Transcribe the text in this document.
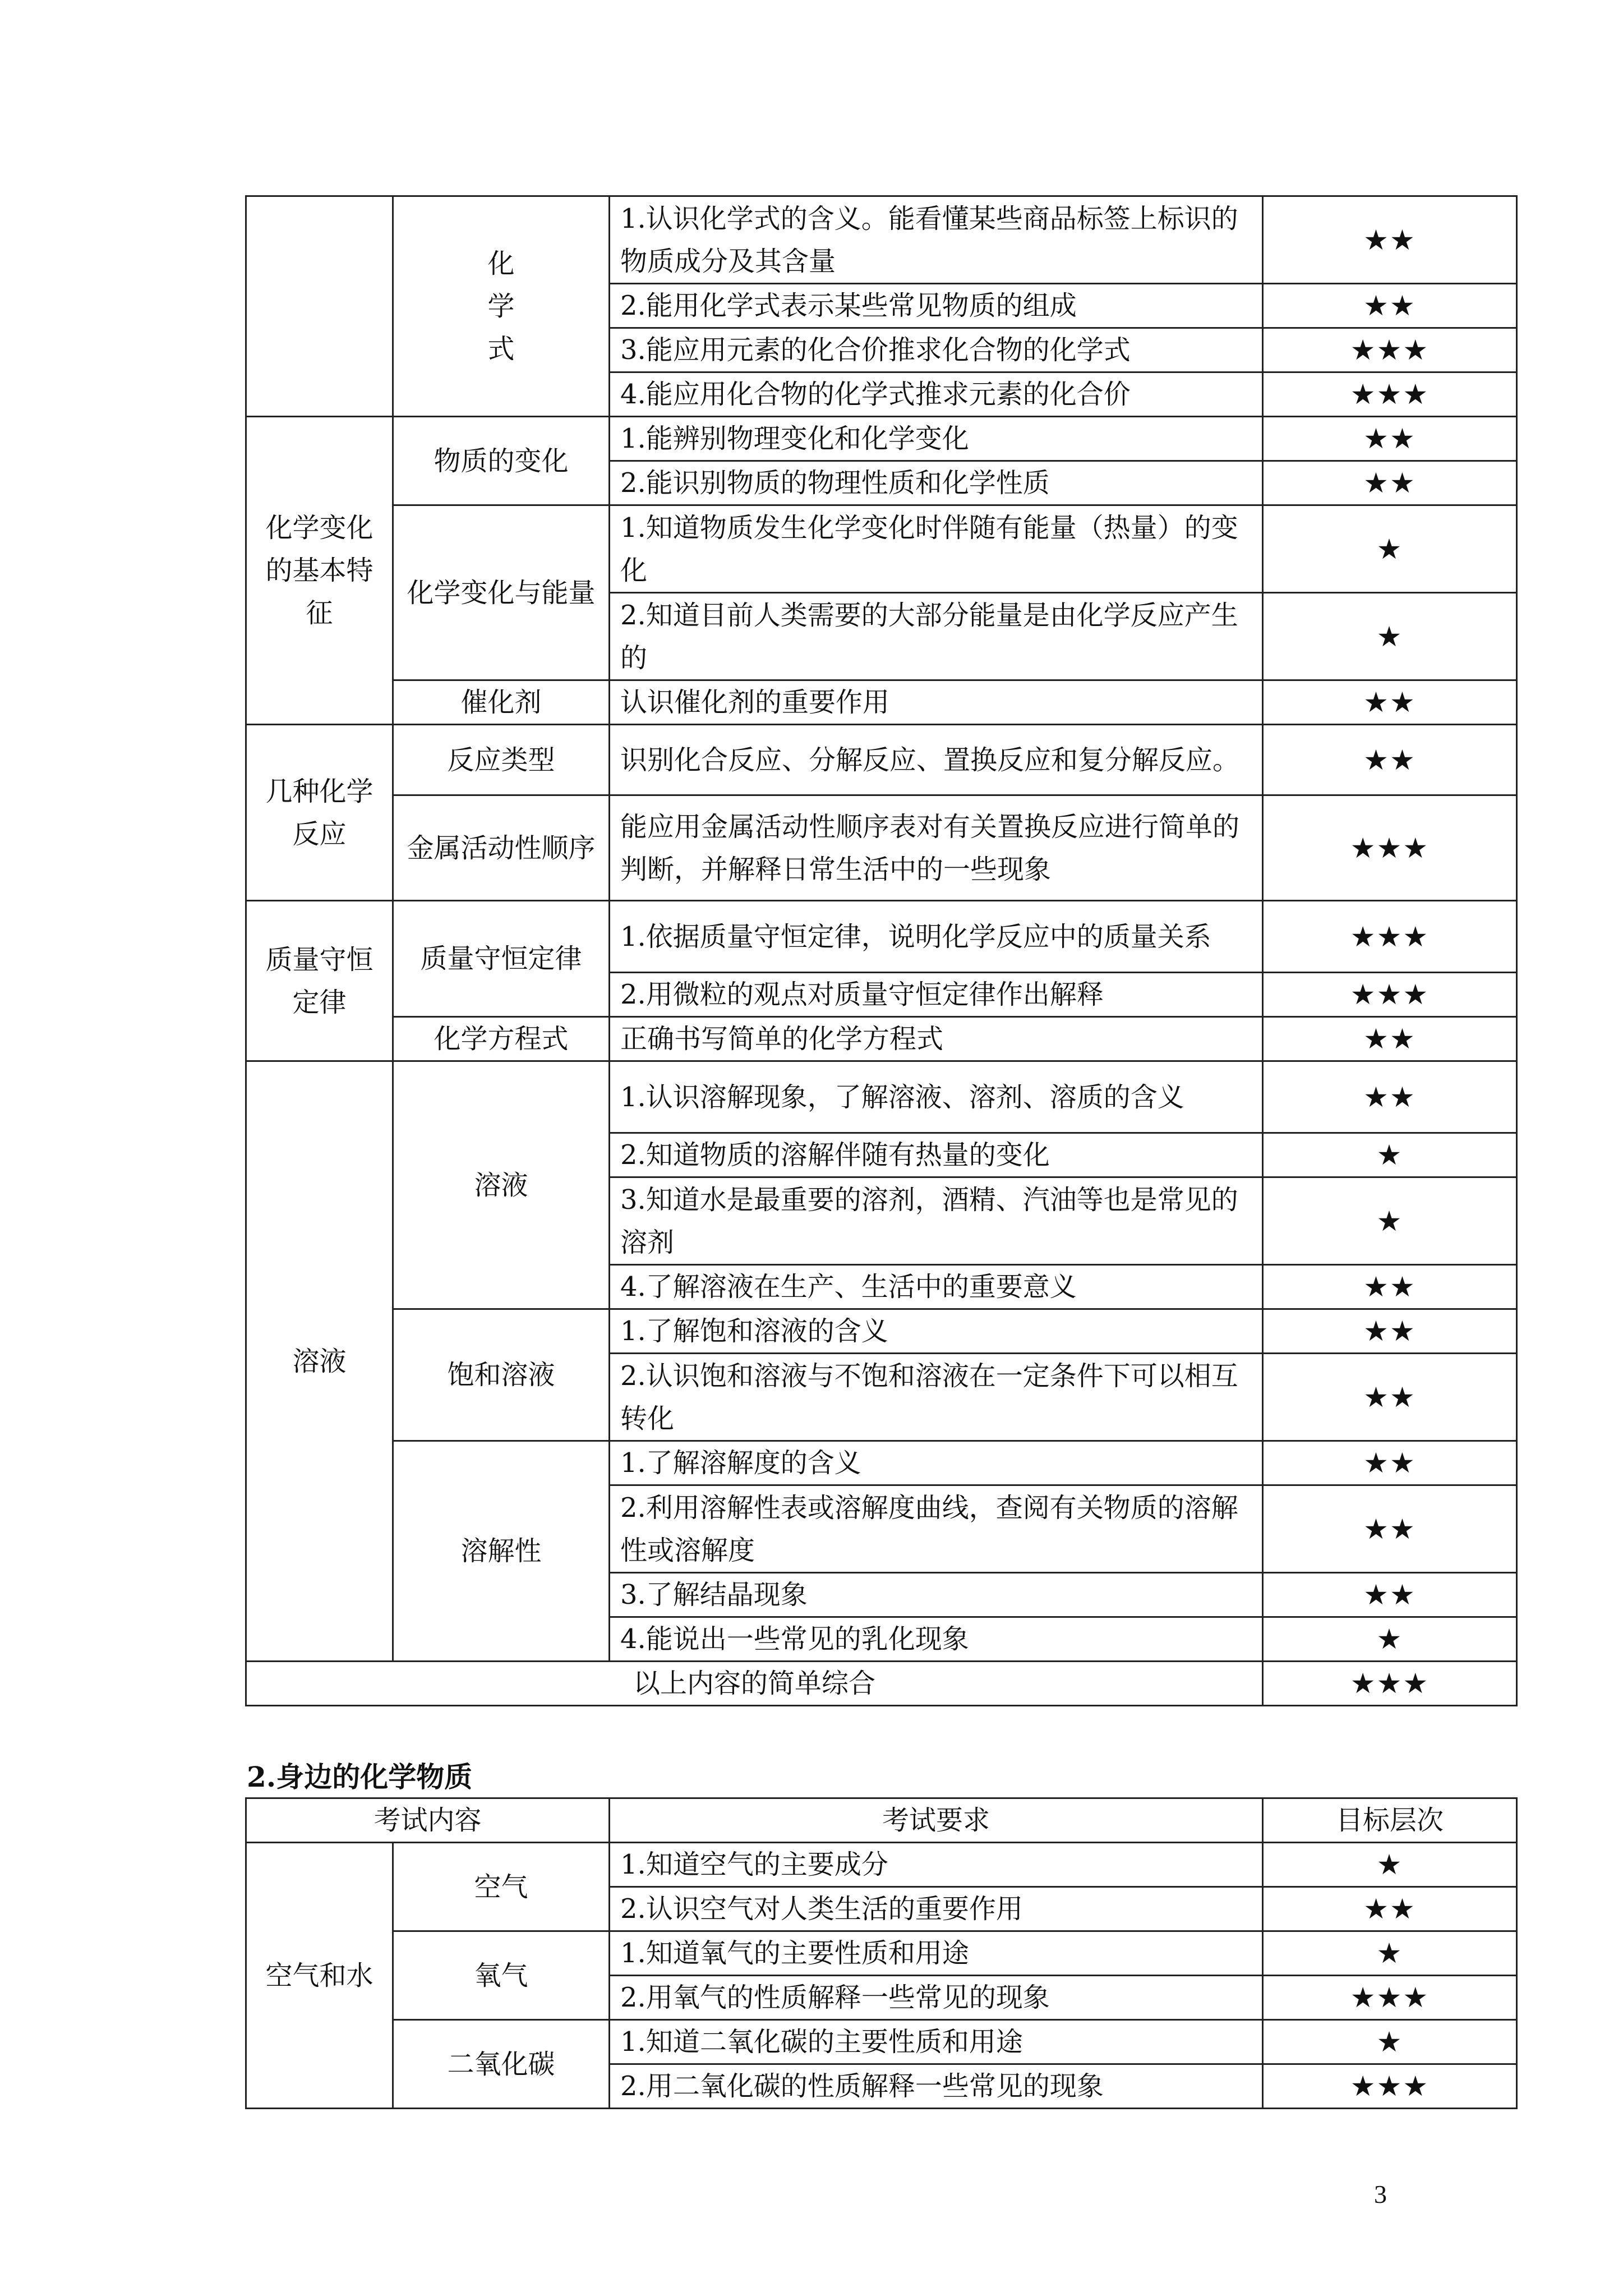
	化学式	1.认识化学式的含义。能看懂某些商品标签上标识的物质成分及其含量	★★
		2.能用化学式表示某些常见物质的组成	★★
		3.能应用元素的化合价推求化合物的化学式	★★★
		4.能应用化合物的化学式推求元素的化合价	★★★
化学变化的基本特征	物质的变化	1.能辨别物理变化和化学变化	★★
		2.能识别物质的物理性质和化学性质	★★
	化学变化与能量	1.知道物质发生化学变化时伴随有能量（热量）的变化	★
		2.知道目前人类需要的大部分能量是由化学反应产生的	★
	催化剂	认识催化剂的重要作用	★★
几种化学反应	反应类型	识别化合反应、分解反应、置换反应和复分解反应。	★★
	金属活动性顺序	能应用金属活动性顺序表对有关置换反应进行简单的判断，并解释日常生活中的一些现象	★★★
质量守恒定律	质量守恒定律	1.依据质量守恒定律，说明化学反应中的质量关系	★★★
		2.用微粒的观点对质量守恒定律作出解释	★★★
	化学方程式	正确书写简单的化学方程式	★★
溶液	溶液	1.认识溶解现象，了解溶液、溶剂、溶质的含义	★★
		2.知道物质的溶解伴随有热量的变化	★
		3.知道水是最重要的溶剂，酒精、汽油等也是常见的溶剂	★
		4.了解溶液在生产、生活中的重要意义	★★
	饱和溶液	1.了解饱和溶液的含义	★★
		2.认识饱和溶液与不饱和溶液在一定条件下可以相互转化	★★
	溶解性	1.了解溶解度的含义	★★
		2.利用溶解性表或溶解度曲线，查阅有关物质的溶解性或溶解度	★★
		3.了解结晶现象	★★
		4.能说出一些常见的乳化现象	★
以上内容的简单综合			★★★
2.身边的化学物质
考试内容		考试要求	目标层次
空气和水	空气	1.知道空气的主要成分	★
		2.认识空气对人类生活的重要作用	★★
	氧气	1.知道氧气的主要性质和用途	★
		2.用氧气的性质解释一些常见的现象	★★★
	二氧化碳	1.知道二氧化碳的主要性质和用途	★
		2.用二氧化碳的性质解释一些常见的现象	★★★
3
